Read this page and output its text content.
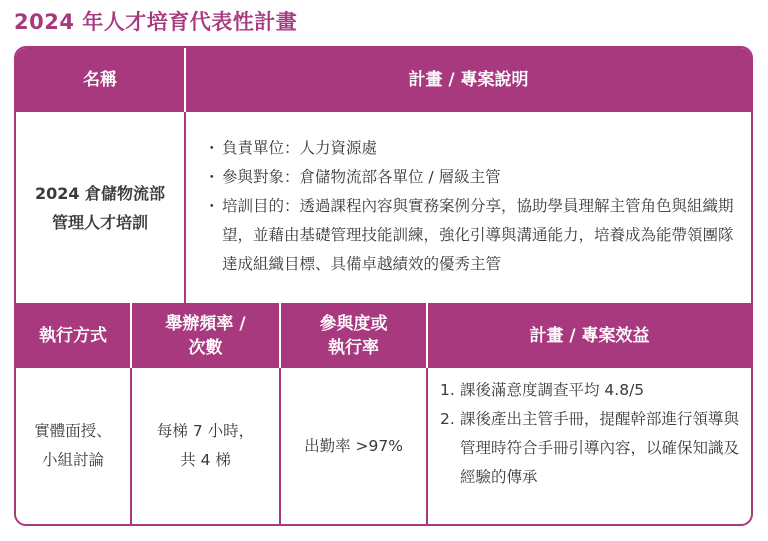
2024 年人才培育代表性計畫
名稱	計畫 / 專案說明
2024 倉儲物流部
管理人才培訓
・ 負責單位：人力資源處
・ 參與對象：倉儲物流部各單位 / 層級主管
・ 培訓目的：透過課程內容與實務案例分享，協助學員理解主管角色與組織期望，並藉由基礎管理技能訓練，強化引導與溝通能力，培養成為能帶領團隊達成組織目標、具備卓越績效的優秀主管
執行方式
舉辦頻率 /
次數
參與度或
執行率
計畫 / 專案效益
實體面授、
小組討論
每梯 7 小時，
共 4 梯
出勤率 >97%
1. 課後滿意度調查平均 4.8/5
2. 課後產出主管手冊，提醒幹部進行領導與管理時符合手冊引導內容，以確保知識及經驗的傳承
